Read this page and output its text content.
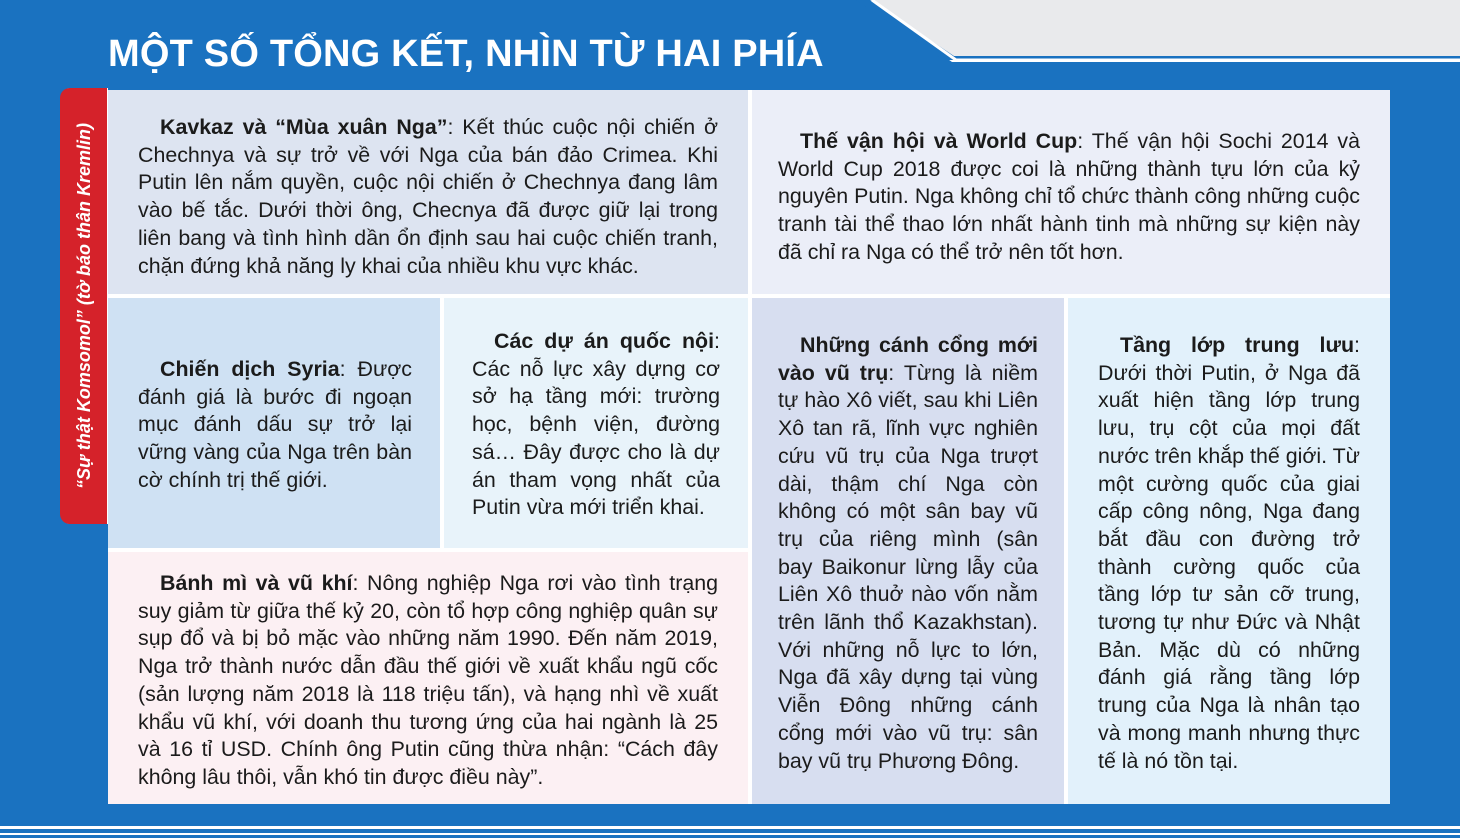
MỘT SỐ TỔNG KẾT, NHÌN TỪ HAI PHÍA
“Sự thật Komsomol” (tờ báo thân Kremlin)	Kavkaz và “Mùa xuân Nga”: Kết thúc cuộc nội chiến ở Chechnya và sự trở về với Nga của bán đảo Crimea. Khi Putin lên nắm quyền, cuộc nội chiến ở Chechnya đang lâm vào bế tắc. Dưới thời ông, Checnya đã được giữ lại trong liên bang và tình hình dần ổn định sau hai cuộc chiến tranh, chặn đứng khả năng ly khai của nhiều khu vực khác.

Thế vận hội và World Cup: Thế vận hội Sochi 2014 và World Cup 2018 được coi là những thành tựu lớn của kỷ nguyên Putin. Nga không chỉ tổ chức thành công những cuộc tranh tài thể thao lớn nhất hành tinh mà những sự kiện này đã chỉ ra Nga có thể trở nên tốt hơn.

Chiến dịch Syria: Được đánh giá là bước đi ngoạn mục đánh dấu sự trở lại vững vàng của Nga trên bàn cờ chính trị thế giới.

Các dự án quốc nội: Các nỗ lực xây dựng cơ sở hạ tầng mới: trường học, bệnh viện, đường sá… Đây được cho là dự án tham vọng nhất của Putin vừa mới triển khai.

Bánh mì và vũ khí: Nông nghiệp Nga rơi vào tình trạng suy giảm từ giữa thế kỷ 20, còn tổ hợp công nghiệp quân sự sụp đổ và bị bỏ mặc vào những năm 1990. Đến năm 2019, Nga trở thành nước dẫn đầu thế giới về xuất khẩu ngũ cốc (sản lượng năm 2018 là 118 triệu tấn), và hạng nhì về xuất khẩu vũ khí, với doanh thu tương ứng của hai ngành là 25 và 16 tỉ USD. Chính ông Putin cũng thừa nhận: “Cách đây không lâu thôi, vẫn khó tin được điều này”.

Những cánh cổng mới vào vũ trụ: Từng là niềm tự hào Xô viết, sau khi Liên Xô tan rã, lĩnh vực nghiên cứu vũ trụ của Nga trượt dài, thậm chí Nga còn không có một sân bay vũ trụ của riêng mình (sân bay Baikonur lừng lẫy của Liên Xô thuở nào vốn nằm trên lãnh thổ Kazakhstan). Với những nỗ lực to lớn, Nga đã xây dựng tại vùng Viễn Đông những cánh cổng mới vào vũ trụ: sân bay vũ trụ Phương Đông.

Tầng lớp trung lưu: Dưới thời Putin, ở Nga đã xuất hiện tầng lớp trung lưu, trụ cột của mọi đất nước trên khắp thế giới. Từ một cường quốc của giai cấp công nông, Nga đang bắt đầu con đường trở thành cường quốc của tầng lớp tư sản cỡ trung, tương tự như Đức và Nhật Bản. Mặc dù có những đánh giá rằng tầng lớp trung của Nga là nhân tạo và mong manh nhưng thực tế là nó tồn tại.
